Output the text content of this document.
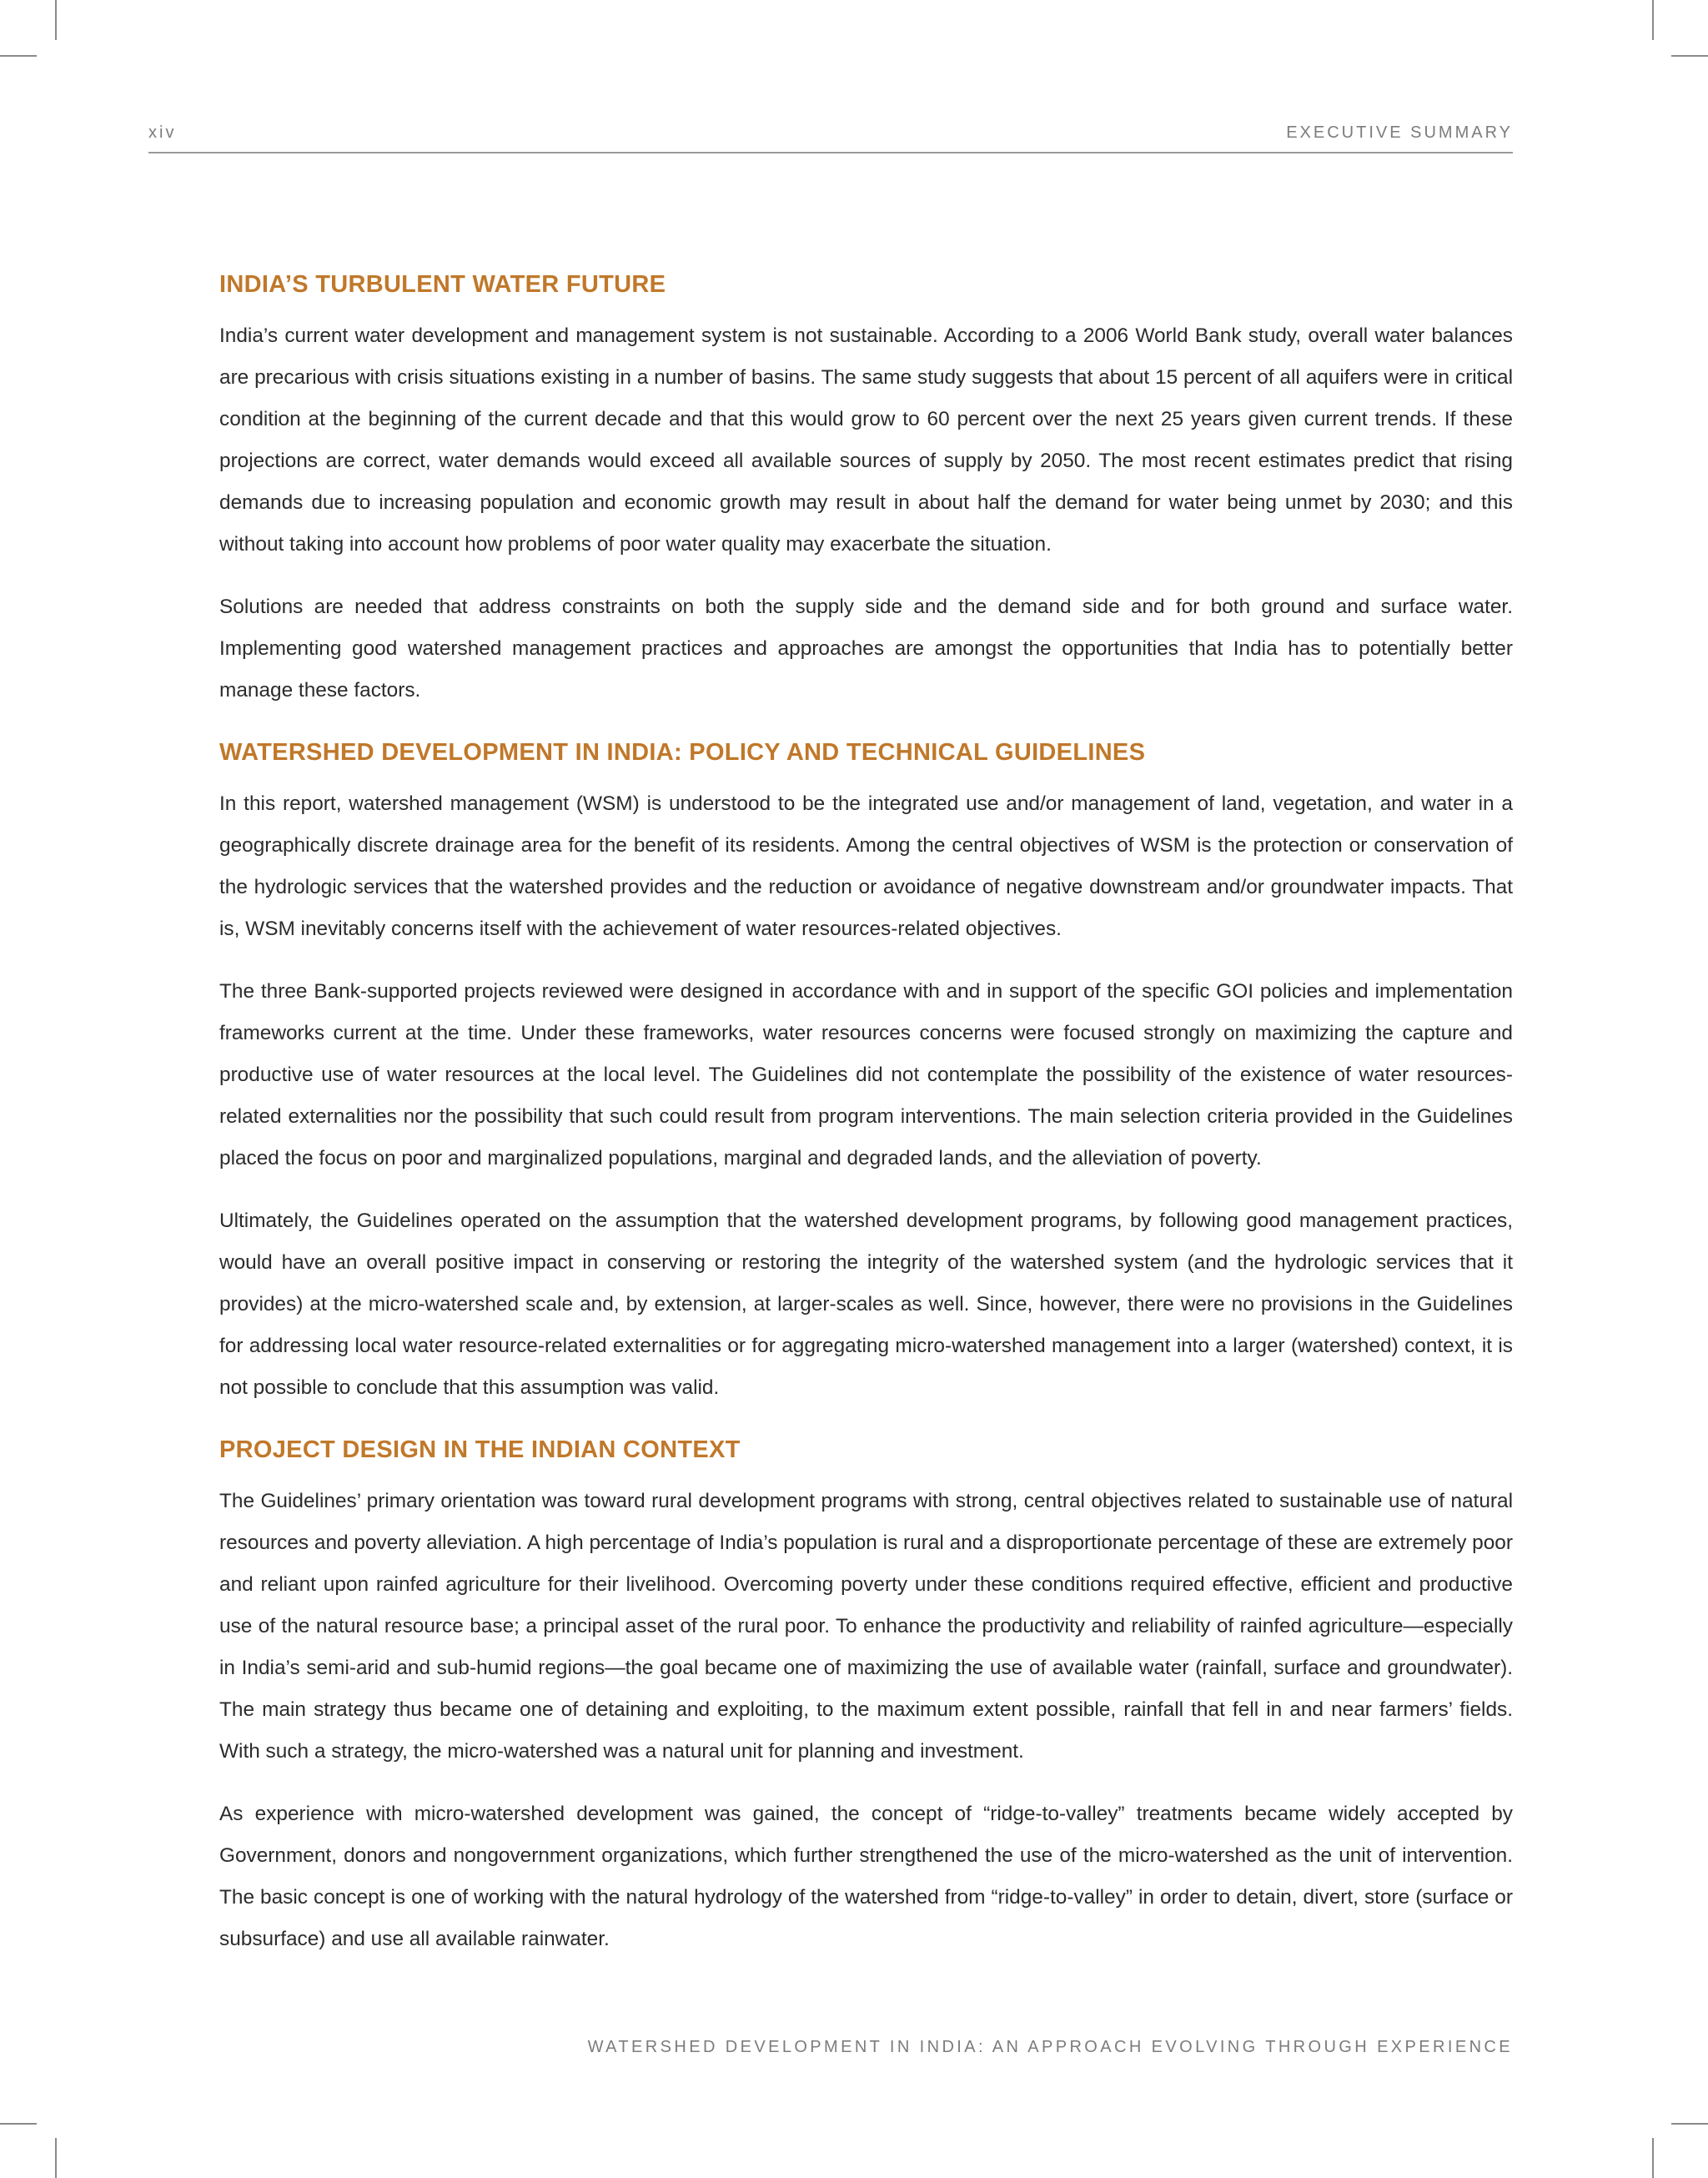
xiv	EXECUTIVE SUMMARY
INDIA’S TURBULENT WATER FUTURE

India’s current water development and management system is not sustainable. According to a 2006 World Bank study, overall water balances are precarious with crisis situations existing in a number of basins. The same study suggests that about 15 percent of all aquifers were in critical condition at the beginning of the current decade and that this would grow to 60 percent over the next 25 years given current trends. If these projections are correct, water demands would exceed all available sources of supply by 2050. The most recent estimates predict that rising demands due to increasing population and economic growth may result in about half the demand for water being unmet by 2030; and this without taking into account how problems of poor water quality may exacerbate the situation.

Solutions are needed that address constraints on both the supply side and the demand side and for both ground and surface water. Implementing good watershed management practices and approaches are amongst the opportunities that India has to potentially better manage these factors.

WATERSHED DEVELOPMENT IN INDIA: POLICY AND TECHNICAL GUIDELINES

In this report, watershed management (WSM) is understood to be the integrated use and/or management of land, vegetation, and water in a geographically discrete drainage area for the benefit of its residents. Among the central objectives of WSM is the protection or conservation of the hydrologic services that the watershed provides and the reduction or avoidance of negative downstream and/or groundwater impacts. That is, WSM inevitably concerns itself with the achievement of water resources-related objectives.

The three Bank-supported projects reviewed were designed in accordance with and in support of the specific GOI policies and implementation frameworks current at the time. Under these frameworks, water resources concerns were focused strongly on maximizing the capture and productive use of water resources at the local level. The Guidelines did not contemplate the possibility of the existence of water resources-related externalities nor the possibility that such could result from program interventions. The main selection criteria provided in the Guidelines placed the focus on poor and marginalized populations, marginal and degraded lands, and the alleviation of poverty.

Ultimately, the Guidelines operated on the assumption that the watershed development programs, by following good management practices, would have an overall positive impact in conserving or restoring the integrity of the watershed system (and the hydrologic services that it provides) at the micro-watershed scale and, by extension, at larger-scales as well. Since, however, there were no provisions in the Guidelines for addressing local water resource-related externalities or for aggregating micro-watershed management into a larger (watershed) context, it is not possible to conclude that this assumption was valid.

PROJECT DESIGN IN THE INDIAN CONTEXT

The Guidelines’ primary orientation was toward rural development programs with strong, central objectives related to sustainable use of natural resources and poverty alleviation. A high percentage of India’s population is rural and a disproportionate percentage of these are extremely poor and reliant upon rainfed agriculture for their livelihood. Overcoming poverty under these conditions required effective, efficient and productive use of the natural resource base; a principal asset of the rural poor. To enhance the productivity and reliability of rainfed agriculture—especially in India’s semi-arid and sub-humid regions—the goal became one of maximizing the use of available water (rainfall, surface and groundwater). The main strategy thus became one of detaining and exploiting, to the maximum extent possible, rainfall that fell in and near farmers’ fields. With such a strategy, the micro-watershed was a natural unit for planning and investment.

As experience with micro-watershed development was gained, the concept of “ridge-to-valley” treatments became widely accepted by Government, donors and nongovernment organizations, which further strengthened the use of the micro-watershed as the unit of intervention. The basic concept is one of working with the natural hydrology of the watershed from “ridge-to-valley” in order to detain, divert, store (surface or subsurface) and use all available rainwater.

WATERSHED DEVELOPMENT IN INDIA: AN APPROACH EVOLVING THROUGH EXPERIENCE
